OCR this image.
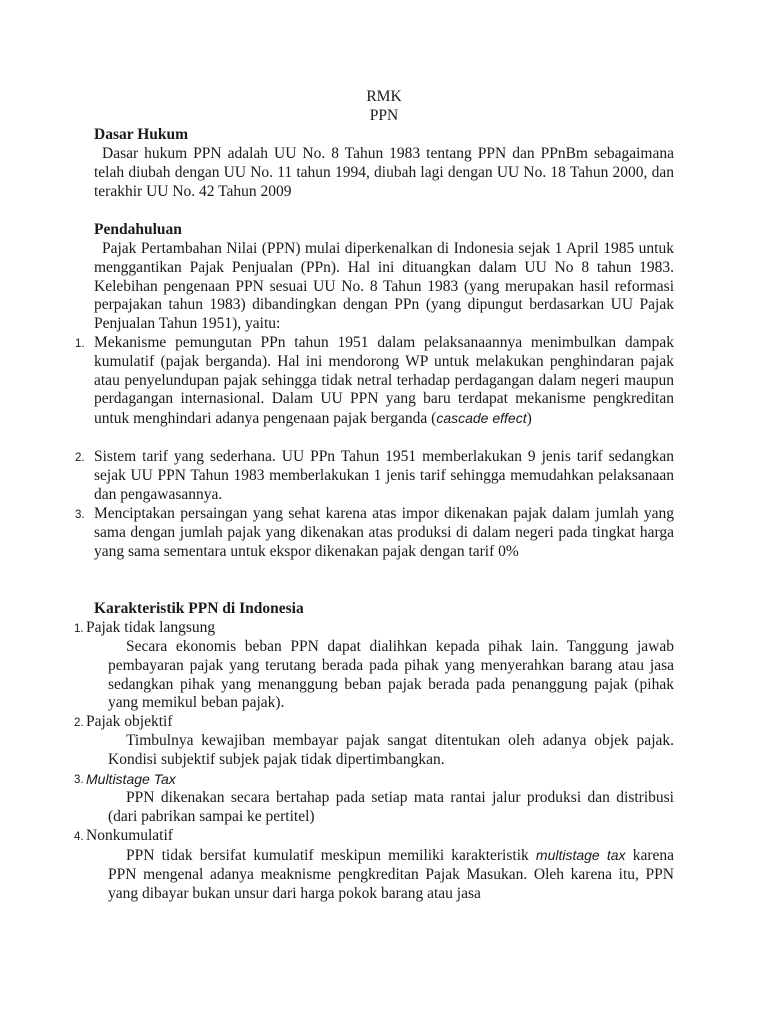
RMK
PPN
Dasar Hukum
Dasar hukum PPN adalah UU No. 8 Tahun 1983 tentang PPN dan PPnBm sebagaimana telah diubah dengan UU No. 11 tahun 1994, diubah lagi dengan UU No. 18 Tahun 2000, dan terakhir UU No. 42 Tahun 2009
Pendahuluan
Pajak Pertambahan Nilai (PPN) mulai diperkenalkan di Indonesia sejak 1 April 1985 untuk menggantikan Pajak Penjualan (PPn). Hal ini dituangkan dalam UU No 8 tahun 1983. Kelebihan pengenaan PPN sesuai UU No. 8 Tahun 1983 (yang merupakan hasil reformasi perpajakan tahun 1983) dibandingkan dengan PPn (yang dipungut berdasarkan UU Pajak Penjualan Tahun 1951), yaitu:
1. Mekanisme pemungutan PPn tahun 1951 dalam pelaksanaannya menimbulkan dampak kumulatif (pajak berganda). Hal ini mendorong WP untuk melakukan penghindaran pajak atau penyelundupan pajak sehingga tidak netral terhadap perdagangan dalam negeri maupun perdagangan internasional. Dalam UU PPN yang baru terdapat mekanisme pengkreditan untuk menghindari adanya pengenaan pajak berganda (cascade effect)
2. Sistem tarif yang sederhana. UU PPn Tahun 1951 memberlakukan 9 jenis tarif sedangkan sejak UU PPN Tahun 1983 memberlakukan 1 jenis tarif sehingga memudahkan pelaksanaan dan pengawasannya.
3. Menciptakan persaingan yang sehat karena atas impor dikenakan pajak dalam jumlah yang sama dengan jumlah pajak yang dikenakan atas produksi di dalam negeri pada tingkat harga yang sama sementara untuk ekspor dikenakan pajak dengan tarif 0%
Karakteristik PPN di Indonesia
1. Pajak tidak langsung
Secara ekonomis beban PPN dapat dialihkan kepada pihak lain. Tanggung jawab pembayaran pajak yang terutang berada pada pihak yang menyerahkan barang atau jasa sedangkan pihak yang menanggung beban pajak berada pada penanggung pajak (pihak yang memikul beban pajak).
2. Pajak objektif
Timbulnya kewajiban membayar pajak sangat ditentukan oleh adanya objek pajak. Kondisi subjektif subjek pajak tidak dipertimbangkan.
3. Multistage Tax
PPN dikenakan secara bertahap pada setiap mata rantai jalur produksi dan distribusi (dari pabrikan sampai ke pertitel)
4. Nonkumulatif
PPN tidak bersifat kumulatif meskipun memiliki karakteristik multistage tax karena PPN mengenal adanya meaknisme pengkreditan Pajak Masukan. Oleh karena itu, PPN yang dibayar bukan unsur dari harga pokok barang atau jasa
